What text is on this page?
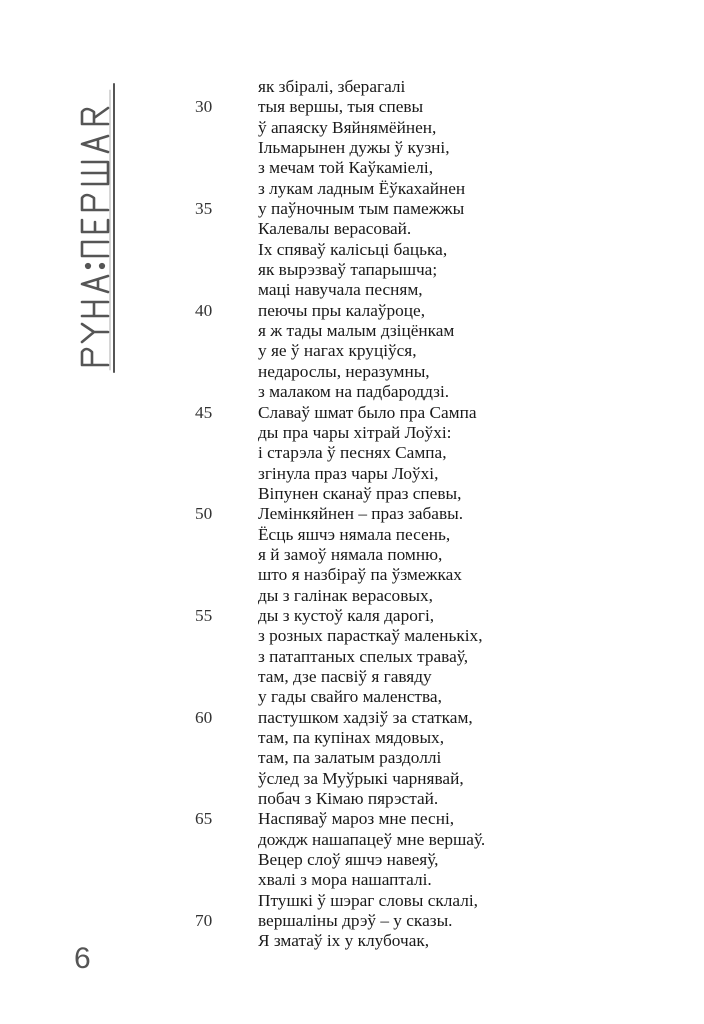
як збіралі, зберагалі
30	тыя вершы, тыя спевы
ў апаяску Вяйнямёйнен,
Ільмарынен дужы ў кузні,
з мечам той Каўкаміелі,
з лукам ладным Ёўкахайнен
35	у паўночным тым памежжы
Калевалы верасовай.
Іх спяваў калісьці бацька,
як вырэзваў тапарышча;
маці навучала песням,
40	пеючы пры калаўроце,
я ж тады малым дзіцёнкам
у яе ў нагах круціўся,
недарослы, неразумны,
з малаком на падбароддзі.
45	Славаў шмат было пра Сампа
ды пра чары хітрай Лоўхі:
і старэла ў песнях Сампа,
згінула праз чары Лоўхі,
Віпунен сканаў праз спевы,
50	Лемінкяйнен – праз забавы.
Ёсць яшчэ нямала песень,
я й замоў нямала помню,
што я назбіраў па ўзмежках
ды з галінак верасовых,
55	ды з кустоў каля дарогі,
з розных парасткаў маленькіх,
з патаптаных спелых траваў,
там, дзе пасвіў я гавяду
у гады свайго маленства,
60	пастушком хадзіў за статкам,
там, па купінах мядовых,
там, па залатым раздоллі
ўслед за Муўрыкі чарнявай,
побач з Кімаю пярэстай.
65	Наспяваў мароз мне песні,
дождж нашапацеў мне вершаў.
Вецер слоў яшчэ навеяў,
хвалі з мора нашапталі.
Птушкі ў шэраг словы склалі,
70	вершаліны дрэў – у сказы.
Я зматаў іх у клубочак,
6
